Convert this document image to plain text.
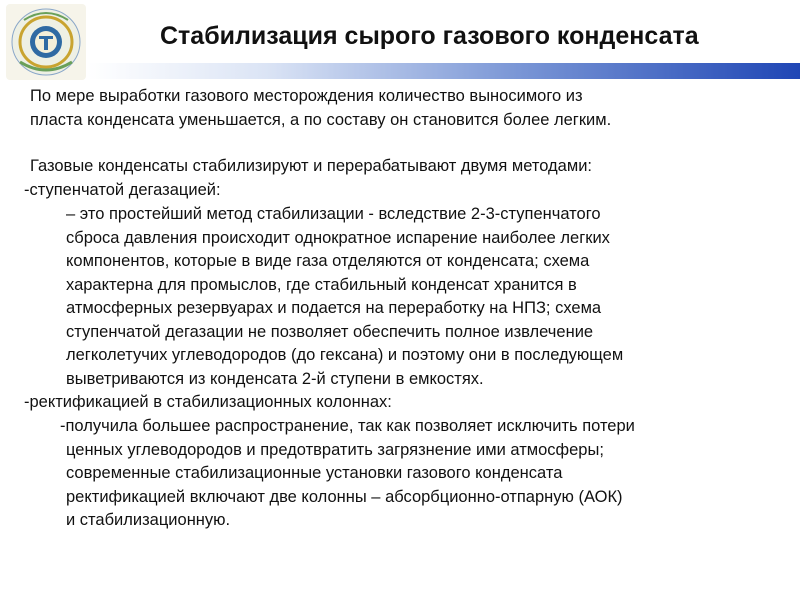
Стабилизация сырого газового конденсата
По мере выработки газового месторождения количество выносимого из
пласта конденсата уменьшается, а по составу он становится более легким.
Газовые конденсаты стабилизируют и перерабатывают двумя методами:
-ступенчатой дегазацией:
– это простейший метод стабилизации - вследствие 2-3-ступенчатого
сброса давления происходит однократное испарение наиболее легких
компонентов, которые в виде газа отделяются от конденсата; схема
характерна для промыслов, где стабильный конденсат хранится в
атмосферных резервуарах и подается на переработку на НПЗ; схема
ступенчатой дегазации не позволяет обеспечить полное извлечение
легколетучих углеводородов (до гексана) и поэтому они в последующем
выветриваются из конденсата 2-й ступени в емкостях.
-ректификацией в стабилизационных колоннах:
-получила большее распространение, так как позволяет исключить потери
ценных углеводородов и предотвратить загрязнение ими атмосферы;
современные стабилизационные установки газового конденсата
ректификацией включают две колонны – абсорбционно-отпарную (АОК)
и стабилизационную.
